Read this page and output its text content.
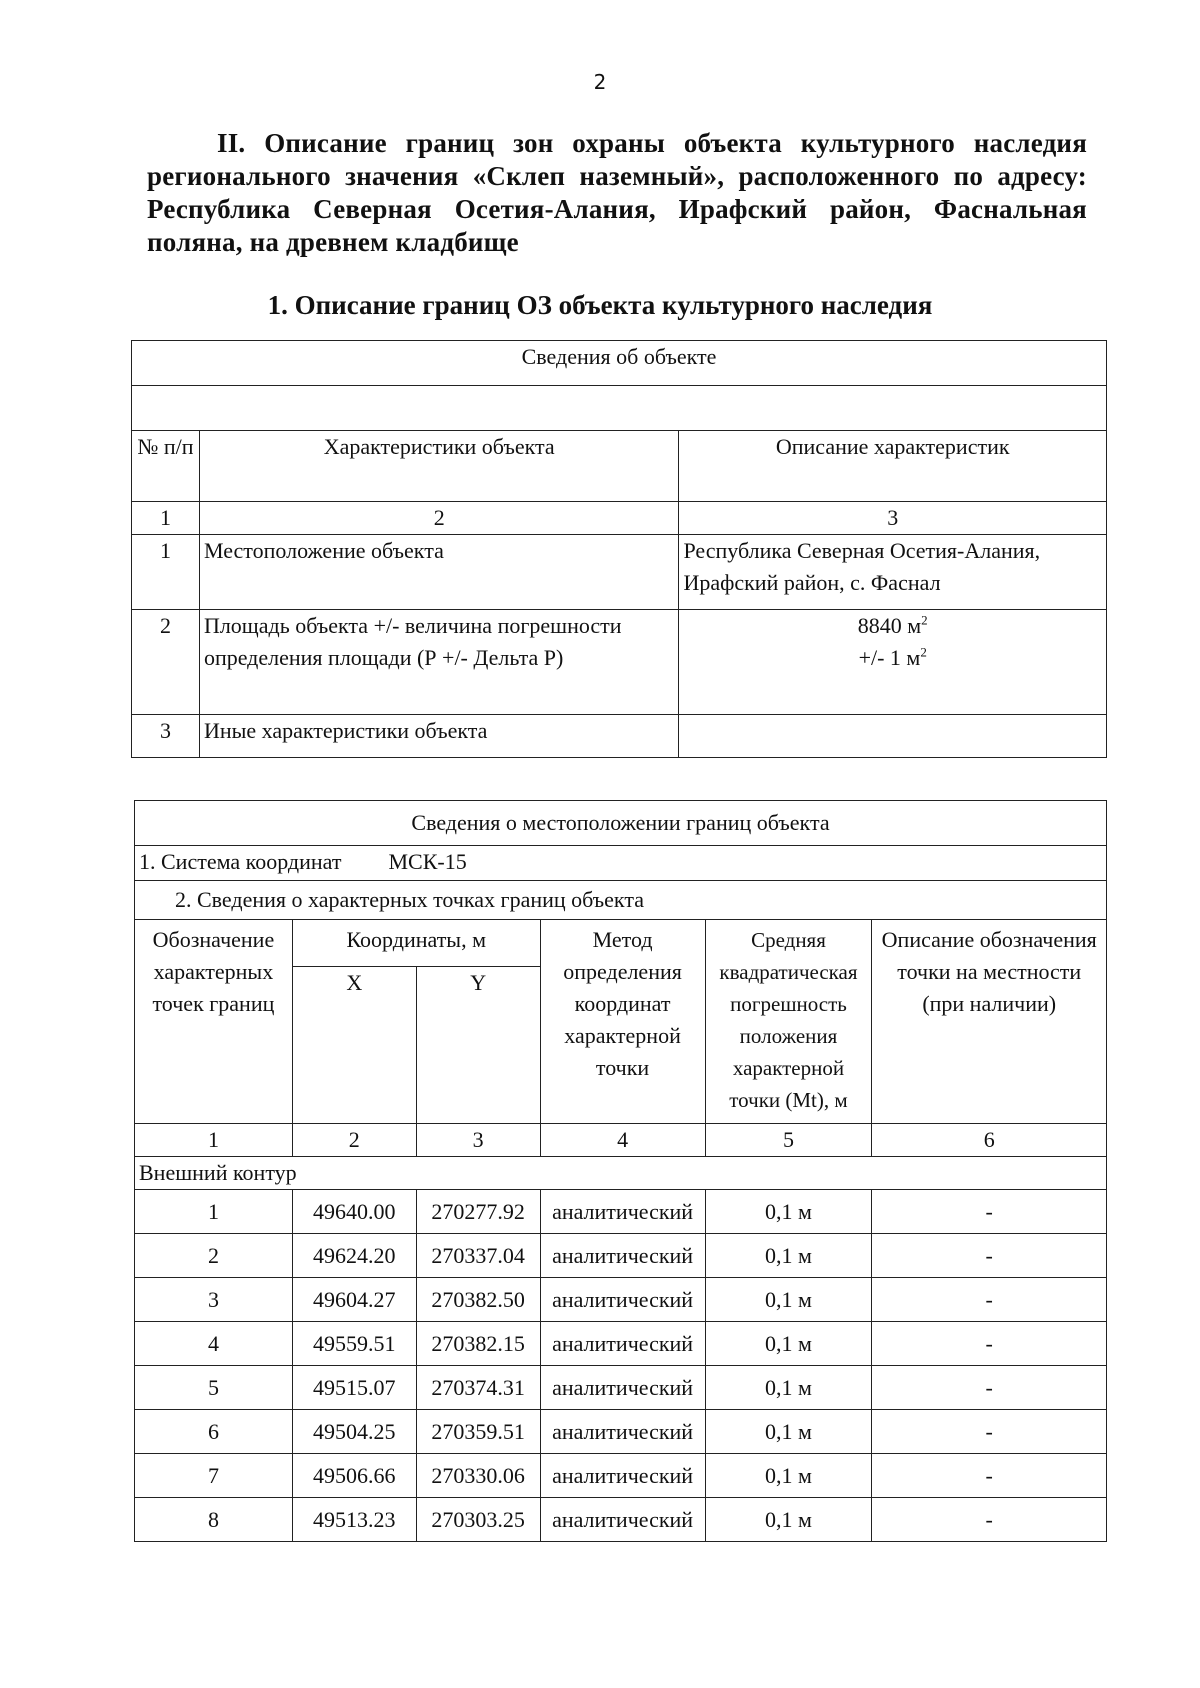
2
II. Описание границ зон охраны объекта культурного наследия регионального значения «Склеп наземный», расположенного по адресу: Республика Северная Осетия-Алания, Ирафский район, Фаснальная поляна, на древнем кладбище
1. Описание границ ОЗ объекта культурного наследия
Сведения об объекте		

№ п/п	Характеристики объекта	Описание характеристик
1	2	3
1	Местоположение объекта	Республика Северная Осетия-Алания,
Ирафский район, с. Фаснал

2	Площадь объекта +/- величина погрешности определения площади (Р +/- Дельта Р)	8840 $м^2$
+/- 1 $м^2$

3	Иные характеристики объекта	
Сведения о местоположении границ объекта					
1. Система координат МСК-15					
2. Сведения о характерных точках границ объекта					
Обозначение характерных точек границ	Координаты, м		Метод определения координат характерной точки	Средняя квадратическая погрешность положения характерной точки (Mt), м	Описание обозначения точки на местности (при наличии)
	X	Y			
1	2	3	4	5	6
Внешний контур					
1	49640.00	270277.92	аналитический	0,1 м	-
2	49624.20	270337.04	аналитический	0,1 м	-
3	49604.27	270382.50	аналитический	0,1 м	-
4	49559.51	270382.15	аналитический	0,1 м	-
5	49515.07	270374.31	аналитический	0,1 м	-
6	49504.25	270359.51	аналитический	0,1 м	-
7	49506.66	270330.06	аналитический	0,1 м	-
8	49513.23	270303.25	аналитический	0,1 м	-
